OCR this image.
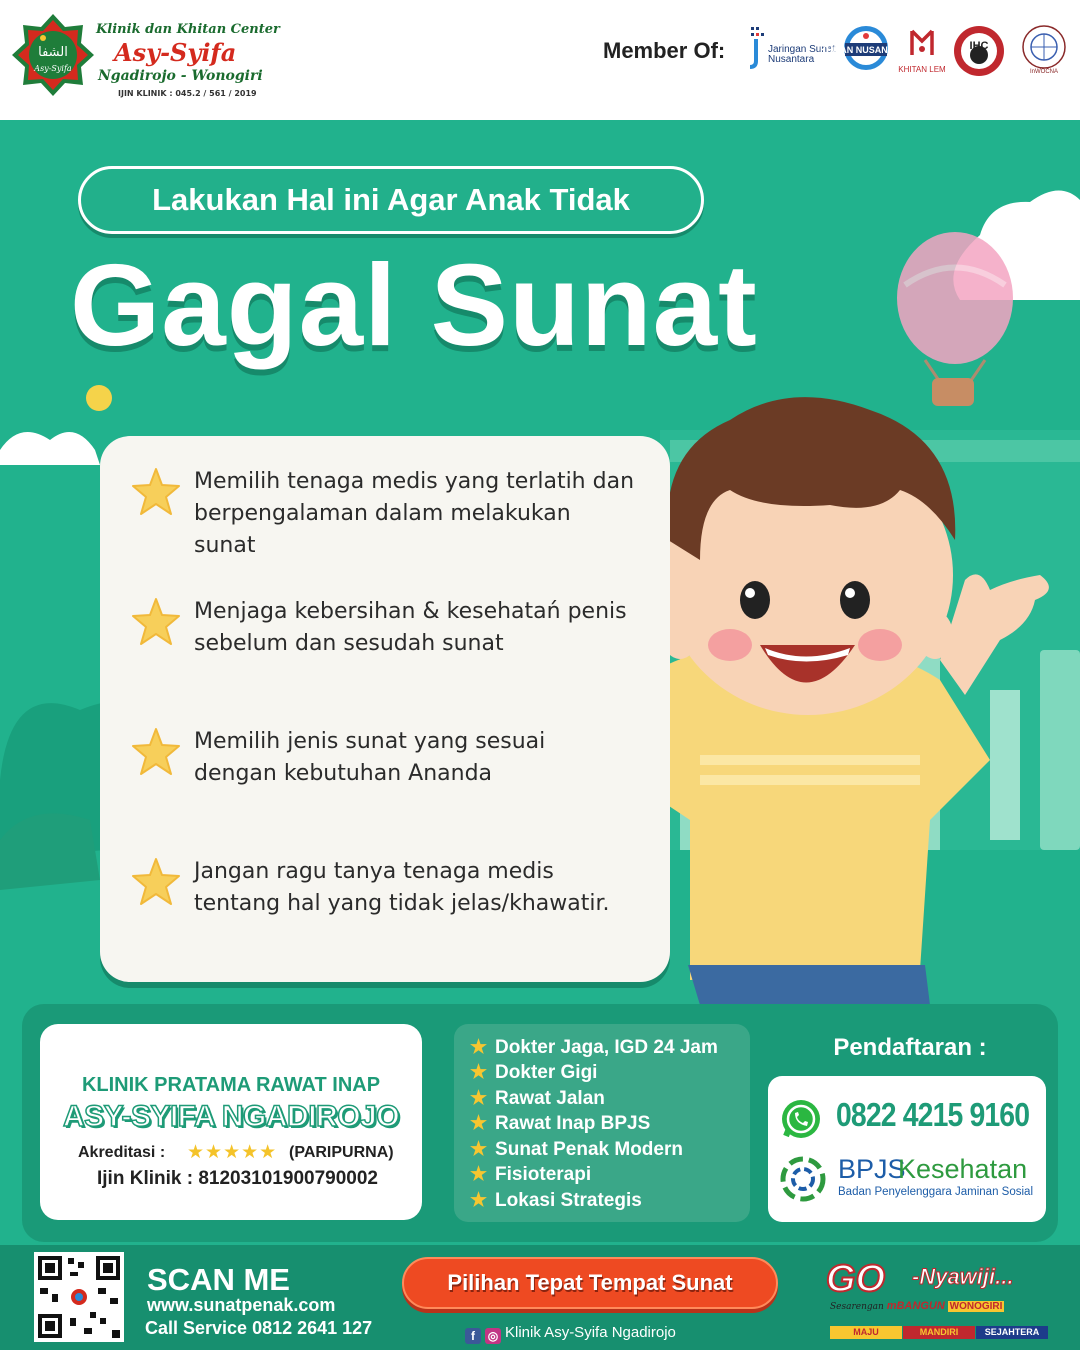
الشفا
Asy-Syifa
Klinik dan Khitan Center
Asy-Syifa
Ngadirojo - Wonogiri
IJIN KLINIK : 045.2 / 561 / 2019
Member Of:	Jaringan Sunat Nusantara
KHITAN NUSANTARA
KHITAN LEM
IHC
InWOCNA
Lakukan Hal ini Agar Anak Tidak
Gagal Sunat
Memilih tenaga medis yang terlatih dan berpengalaman dalam melakukan sunat
Menjaga kebersihan & kesehatań penis sebelum dan sesudah sunat
Memilih jenis sunat yang sesuai dengan kebutuhan Ananda
Jangan ragu tanya tenaga medis tentang hal yang tidak jelas/khawatir.
KLINIK PRATAMA RAWAT INAP
ASY-SYIFA NGADIROJO
Akreditasi : ★★★★★ (PARIPURNA)
Ijin Klinik : 81203101900790002
★ Dokter Jaga, IGD 24 Jam
★ Dokter Gigi
★ Rawat Jalan
★ Rawat Inap BPJS
★ Sunat Penak Modern
★ Fisioterapi
★ Lokasi Strategis
Pendaftaran :
0822 4215 9160
BPJS
Kesehatan
Badan Penyelenggara Jaminan Sosial
SCAN ME
www.sunatpenak.com
Call Service 0812 2641 127
Pilihan Tepat Tempat Sunat
f ◎ Klinik Asy-Syifa Ngadirojo
GO -Nyawiji...
Sesarengan mBANGUN WONOGIRI
MAJU	MANDIRI	SEJAHTERA
